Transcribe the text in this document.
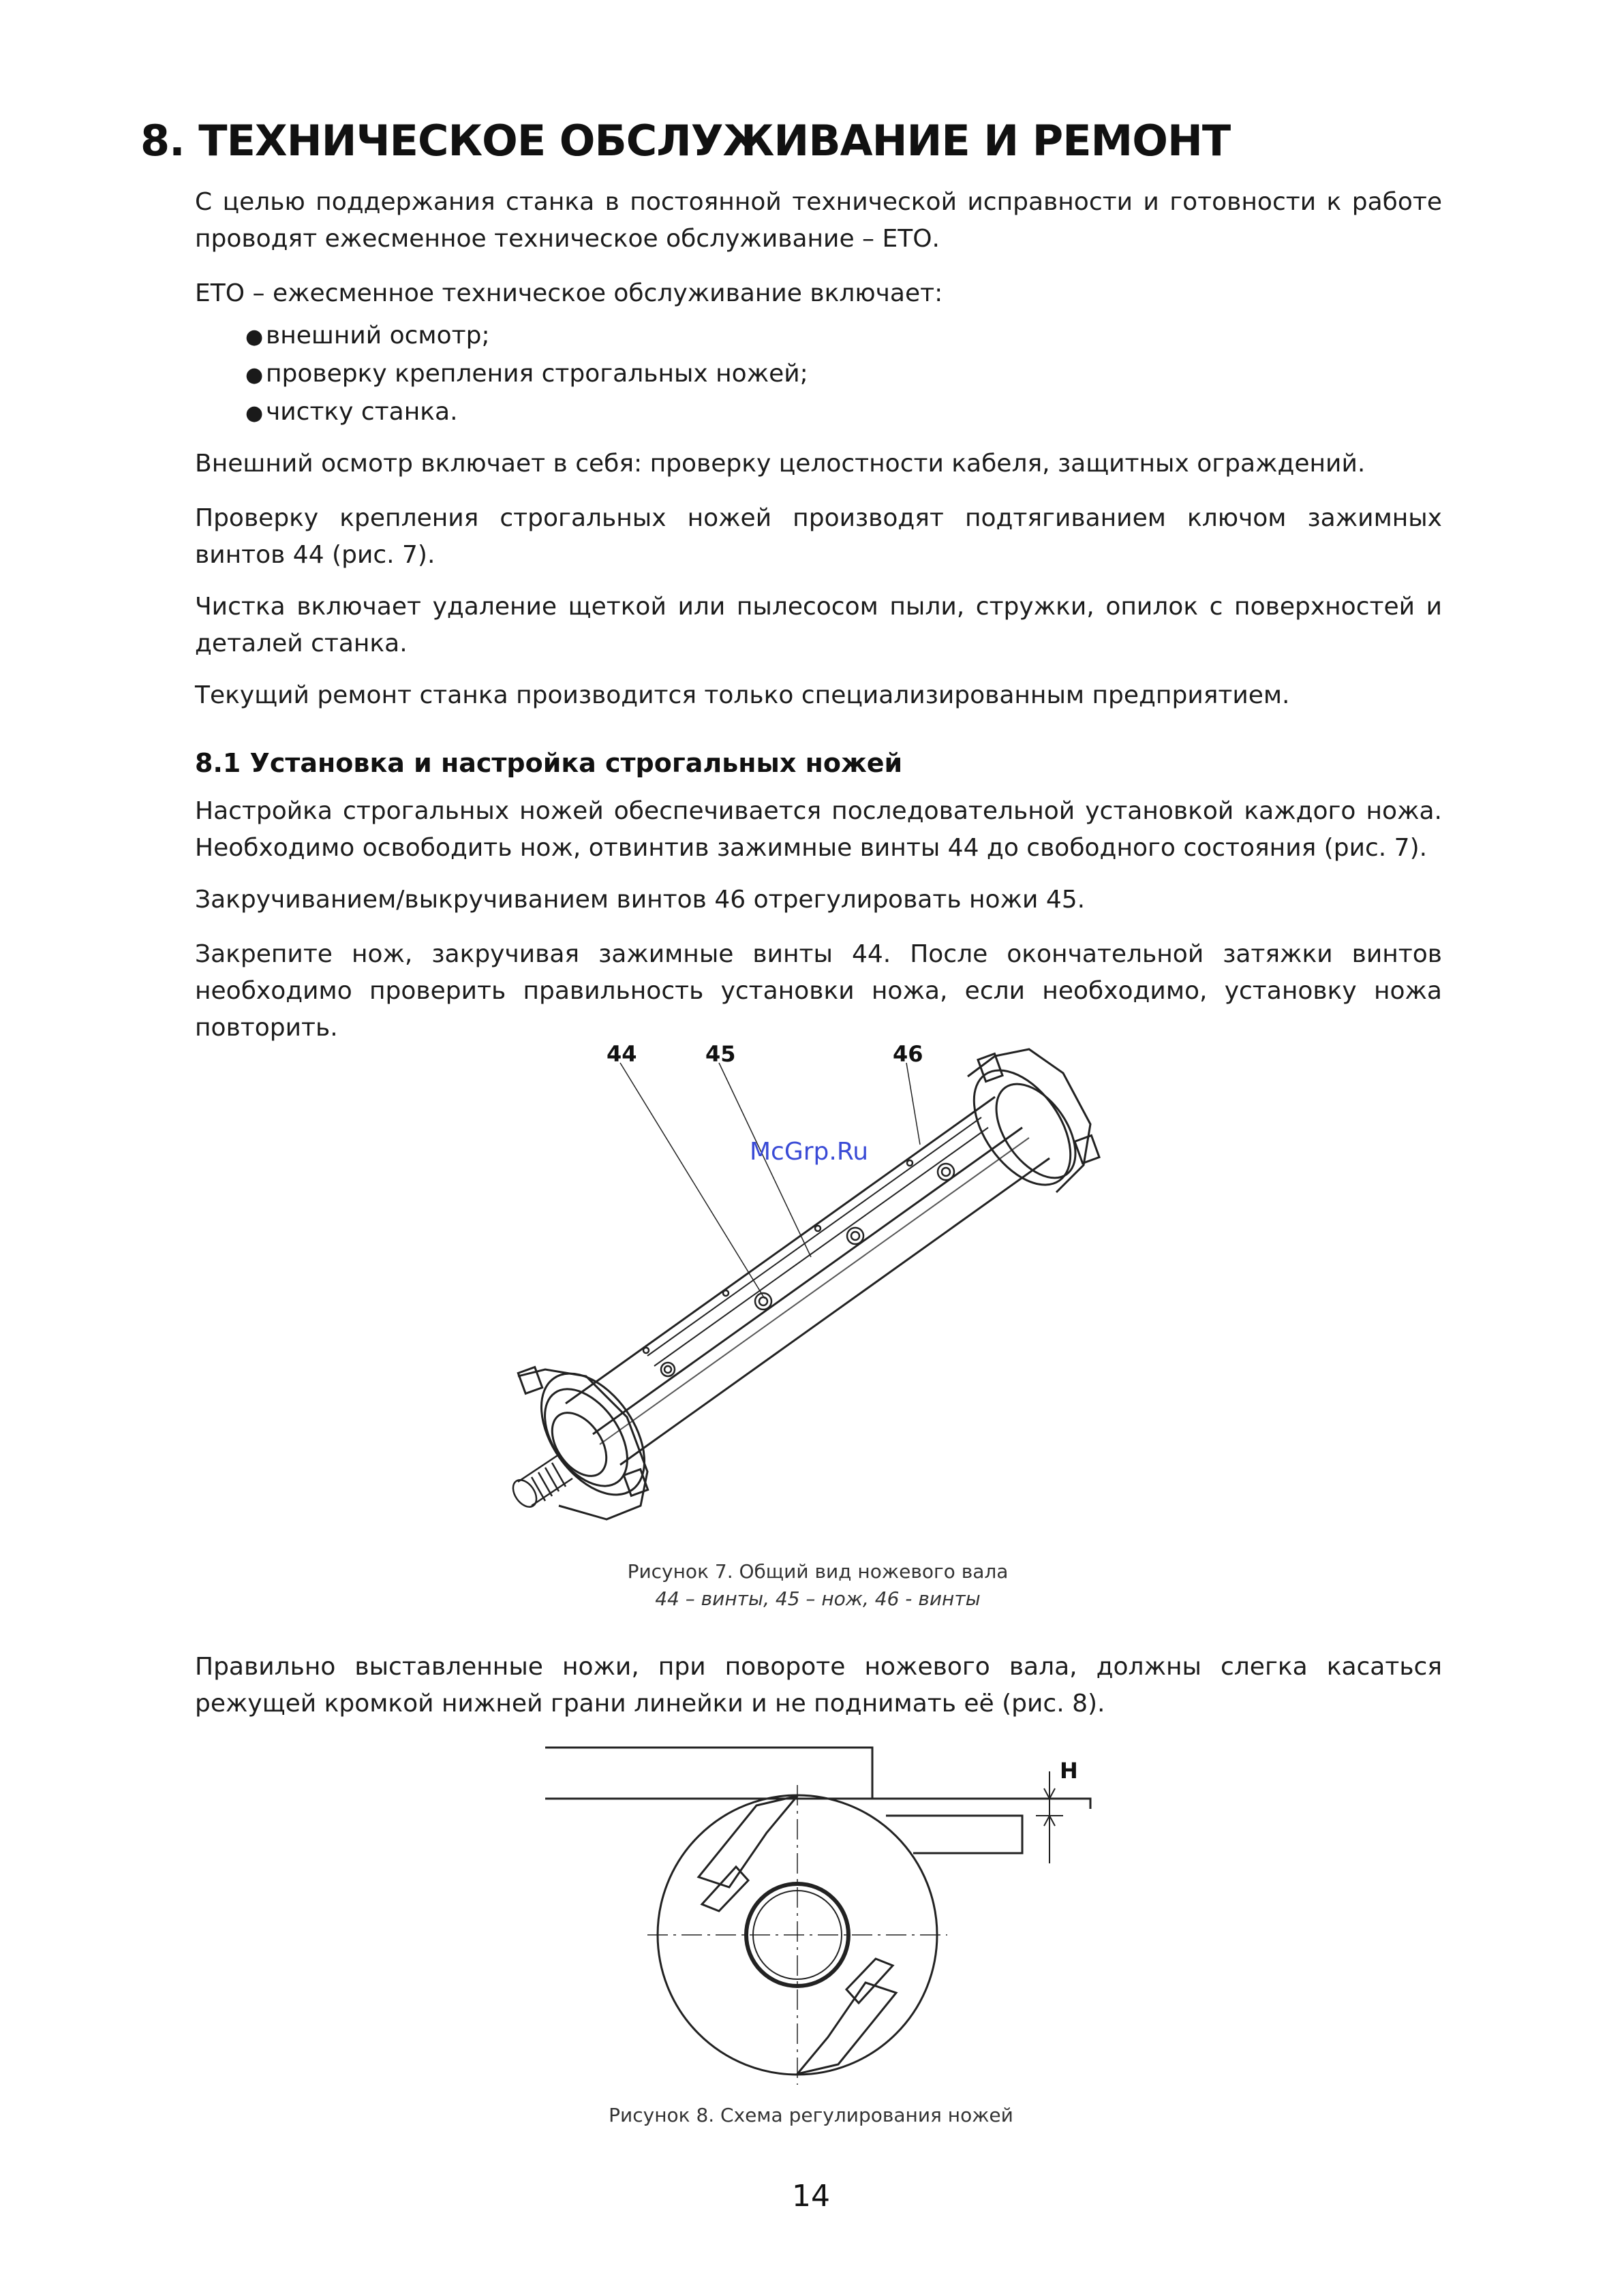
8. ТЕХНИЧЕСКОЕ ОБСЛУЖИВАНИЕ И РЕМОНТ
С целью поддержания станка в постоянной технической исправности и готовности к работе проводят ежесменное техническое обслуживание – ЕТО.
ЕТО – ежесменное техническое обслуживание включает:
● внешний осмотр;
● проверку крепления строгальных ножей;
● чистку станка.
Внешний осмотр включает в себя: проверку целостности кабеля, защитных ограждений.
Проверку крепления строгальных ножей производят подтягиванием ключом зажимных винтов 44 (рис. 7).
Чистка включает удаление щеткой или пылесосом пыли, стружки, опилок с поверхностей и деталей станка.
Текущий ремонт станка производится только специализированным предприятием.
8.1 Установка и настройка строгальных ножей
Настройка строгальных ножей обеспечивается последовательной установкой каждого ножа. Необходимо освободить нож, отвинтив зажимные винты 44 до свободного состояния (рис. 7).
Закручиванием/выкручиванием винтов 46 отрегулировать ножи 45.
Закрепите нож, закручивая зажимные винты 44. После окончательной затяжки винтов необходимо проверить правильность установки ножа, если необходимо, установку ножа повторить.
44	45	46
McGrp.Ru
Рисунок 7. Общий вид ножевого вала
44 – винты, 45 – нож, 46 - винты
Правильно выставленные ножи, при повороте ножевого вала, должны слегка касаться режущей кромкой нижней грани линейки и не поднимать её (рис. 8).
H
Рисунок 8. Схема регулирования ножей
14
